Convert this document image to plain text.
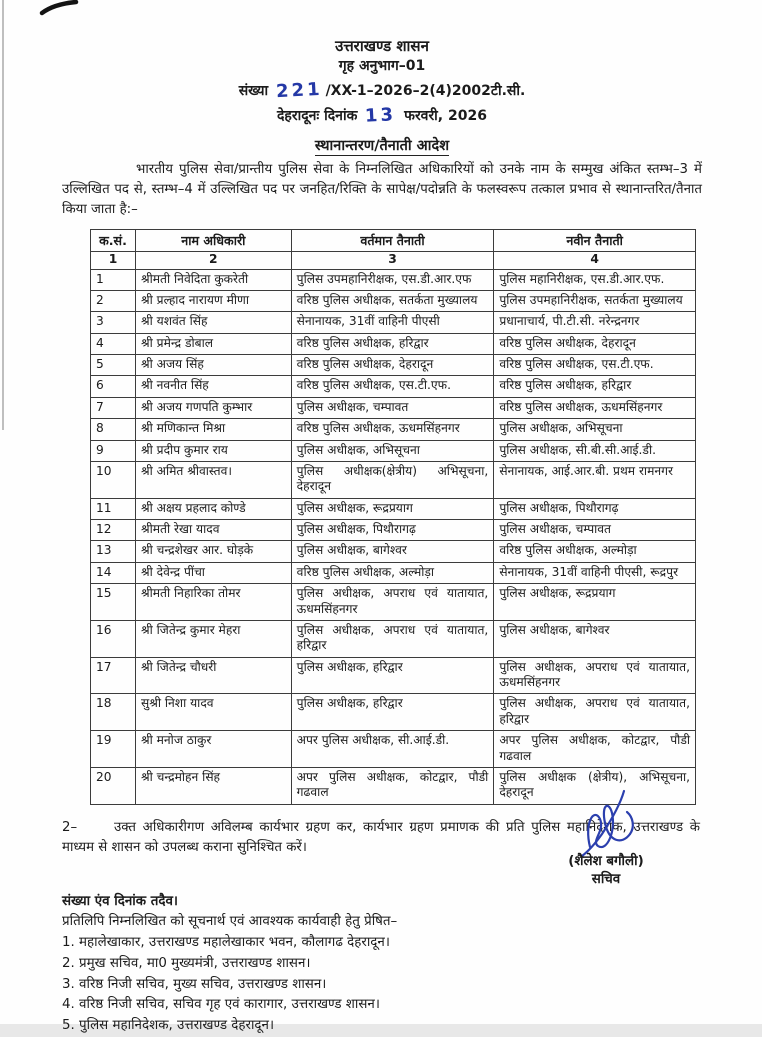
उत्तराखण्ड शासन
गृह अनुभाग–01
संख्या 221 /XX-1–2026–2(4)2002टी.सी.
देहरादूनः दिनांक 13 फरवरी, 2026
स्थानान्तरण/तैनाती आदेश

भारतीय पुलिस सेवा/प्रान्तीय पुलिस सेवा के निम्नलिखित अधिकारियों को उनके नाम के सम्मुख अंकित स्तम्भ–3 में उल्लिखित पद से, स्तम्भ–4 में उल्लिखित पद पर जनहित/रिक्ति के सापेक्ष/पदोन्नति के फलस्वरूप तत्काल प्रभाव से स्थानान्तरित/तैनात किया जाता है:–

क.सं.	नाम अधिकारी	वर्तमान तैनाती	नवीन तैनाती
1	2	3	4
1	श्रीमती निवेदिता कुकरेती	पुलिस उपमहानिरीक्षक, एस.डी.आर.एफ	पुलिस महानिरीक्षक, एस.डी.आर.एफ.
2	श्री प्रल्हाद नारायण मीणा	वरिष्ठ पुलिस अधीक्षक, सतर्कता मुख्यालय	पुलिस उपमहानिरीक्षक, सतर्कता मुख्यालय
3	श्री यशवंत सिंह	सेनानायक, 31वीं वाहिनी पीएसी	प्रधानाचार्य, पी.टी.सी. नरेन्द्रनगर
4	श्री प्रमेन्द्र डोबाल	वरिष्ठ पुलिस अधीक्षक, हरिद्वार	वरिष्ठ पुलिस अधीक्षक, देहरादून
5	श्री अजय सिंह	वरिष्ठ पुलिस अधीक्षक, देहरादून	वरिष्ठ पुलिस अधीक्षक, एस.टी.एफ.
6	श्री नवनीत सिंह	वरिष्ठ पुलिस अधीक्षक, एस.टी.एफ.	वरिष्ठ पुलिस अधीक्षक, हरिद्वार
7	श्री अजय गणपति कुम्भार	पुलिस अधीक्षक, चम्पावत	वरिष्ठ पुलिस अधीक्षक, ऊधमसिंहनगर
8	श्री मणिकान्त मिश्रा	वरिष्ठ पुलिस अधीक्षक, ऊधमसिंहनगर	पुलिस अधीक्षक, अभिसूचना
9	श्री प्रदीप कुमार राय	पुलिस अधीक्षक, अभिसूचना	पुलिस अधीक्षक, सी.बी.सी.आई.डी.
10	श्री अमित श्रीवास्तव।	पुलिस अधीक्षक(क्षेत्रीय) अभिसूचना, देहरादून	सेनानायक, आई.आर.बी. प्रथम रामनगर
11	श्री अक्षय प्रहलाद कोण्डे	पुलिस अधीक्षक, रूद्रप्रयाग	पुलिस अधीक्षक, पिथौरागढ़
12	श्रीमती रेखा यादव	पुलिस अधीक्षक, पिथौरागढ़	पुलिस अधीक्षक, चम्पावत
13	श्री चन्द्रशेखर आर. घोड़के	पुलिस अधीक्षक, बागेश्वर	वरिष्ठ पुलिस अधीक्षक, अल्मोड़ा
14	श्री देवेन्द्र पींचा	वरिष्ठ पुलिस अधीक्षक, अल्मोड़ा	सेनानायक, 31वीं वाहिनी पीएसी, रूद्रपुर
15	श्रीमती निहारिका तोमर	पुलिस अधीक्षक, अपराध एवं यातायात, ऊधमसिंहनगर	पुलिस अधीक्षक, रूद्रप्रयाग
16	श्री जितेन्द्र कुमार मेहरा	पुलिस अधीक्षक, अपराध एवं यातायात, हरिद्वार	पुलिस अधीक्षक, बागेश्वर
17	श्री जितेन्द्र चौधरी	पुलिस अधीक्षक, हरिद्वार	पुलिस अधीक्षक, अपराध एवं यातायात, ऊधमसिंहनगर
18	सुश्री निशा यादव	पुलिस अधीक्षक, हरिद्वार	पुलिस अधीक्षक, अपराध एवं यातायात, हरिद्वार
19	श्री मनोज ठाकुर	अपर पुलिस अधीक्षक, सी.आई.डी.	अपर पुलिस अधीक्षक, कोटद्वार, पौडी गढवाल
20	श्री चन्द्रमोहन सिंह	अपर पुलिस अधीक्षक, कोटद्वार, पौडी गढवाल	पुलिस अधीक्षक (क्षेत्रीय), अभिसूचना, देहरादून

2–	उक्त अधिकारीगण अविलम्ब कार्यभार ग्रहण कर, कार्यभार ग्रहण प्रमाणक की प्रति पुलिस महानिदेशक, उत्तराखण्ड के माध्यम से शासन को उपलब्ध कराना सुनिश्चित करें।

संख्या एंव दिनांक तदैव।
प्रतिलिपि निम्नलिखित को सूचनार्थ एवं आवश्यक कार्यवाही हेतु प्रेषित–
1. महालेखाकार, उत्तराखण्ड महालेखाकार भवन, कौलागढ देहरादून।
2. प्रमुख सचिव, मा0 मुख्यमंत्री, उत्तराखण्ड शासन।
3. वरिष्ठ निजी सचिव, मुख्य सचिव, उत्तराखण्ड शासन।
4. वरिष्ठ निजी सचिव, सचिव गृह एवं कारागार, उत्तराखण्ड शासन।
5. पुलिस महानिदेशक, उत्तराखण्ड देहरादून।
(शैलेश बगौली)
सचिव
